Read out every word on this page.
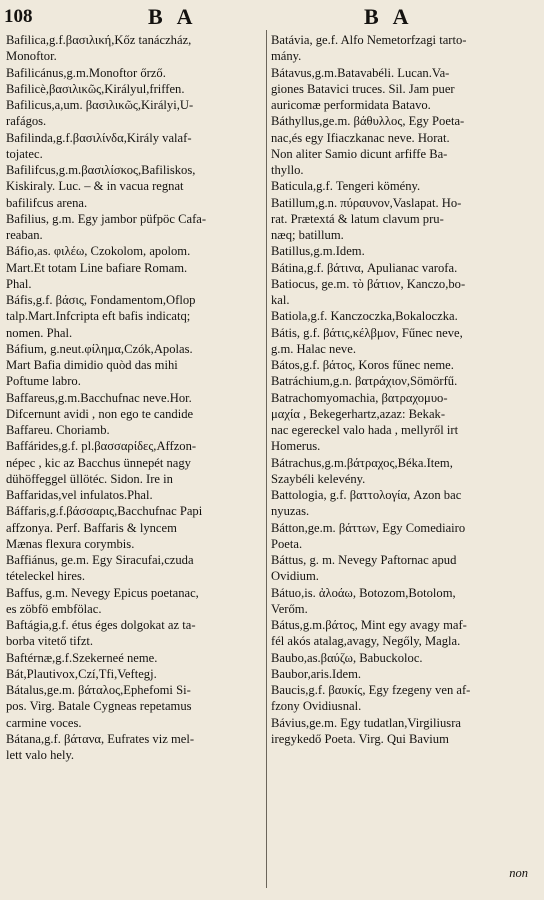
108	BA	BA
Bafilica,g.f.βασιλική,Kőz tanáczház,
Monoftor.
Bafilicánus,g.m.Monoftor őrző.
Bafilicè,βασιλικῶς,Királyul,friffen.
Bafilicus,a,um. βασιλικῶς,Királyi,U-
rafágos.
Bafilinda,g.f.βασιλίνδα,Király valaf-
tojatec.
Bafilifcus,g.m.βασιλίσκος,Bafiliskos,
Kiskiraly. Luc. – & in vacua regnat
bafilifcus arena.
Bafilius, g.m. Egy jambor püfpöc Cafa-
reaban.
Báfio,as. φιλέω, Czokolom, apolom.
Mart.Et totam Line bafiare Romam.
Phal.
Báfis,g.f. βάσις, Fondamentom,Oflop
talp.Mart.Infcripta eft bafis indicatq;
nomen. Phal.
Báfium, g.neut.φίλημα,Czók,Apolas.
Mart Bafia dimidio quòd das mihi
Poftume labro.
Baffareus,g.m.Bacchufnac neve.Hor.
Difcernunt avidi , non ego te candide
Baffareu. Choriamb.
Baffárides,g.f. pl.βασσαρίδες,Affzon-
népec , kic az Bacchus ünnepét nagy
dühöffeggel üllötéc. Sidon. Ire in
Baffaridas,vel infulatos.Phal.
Báffaris,g.f.βάσσαρις,Bacchufnac Papi
affzonya. Perf. Baffaris & lyncem
Mænas flexura corymbis.
Baffiánus, ge.m. Egy Siracufai,czuda
tételeckel hires.
Baffus, g.m. Nevegy Epicus poetanac,
es zöbfö embfölac.
Baftágia,g.f. étus éges dolgokat az ta-
borba vitető tifzt.
Baftérnæ,g.f.Szekerneé neme.
Bát,Plautivox,Czí,Tfi,Veftegj.
Bátalus,ge.m. βάταλος,Ephefomi Si-
pos. Virg. Batale Cygneas repetamus
carmine voces.
Bátana,g.f. βάτανα, Eufrates viz mel-
lett valo hely.
Batávia, ge.f. Alfo Nemetorfzagi tarto-
mány.
Bátavus,g.m.Batavabéli. Lucan.Va-
giones Batavici truces. Sil. Jam puer
auricomæ performidata Batavo.
Báthyllus,ge.m. βάθυλλος, Egy Poeta-
nac,és egy Ifiaczkanac neve. Horat.
Non aliter Samio dicunt arfiffe Ba-
thyllo.
Baticula,g.f. Tengeri kömény.
Batillum,g.n. πύραυνον,Vaslapat. Ho-
rat. Prætextá & latum clavum pru-
næq; batillum.
Batillus,g.m.Idem.
Bátina,g.f. βάτινα, Apulianac varofa.
Batiocus, ge.m. τὸ βάτιον, Kanczo,bo-
kal.
Batiola,g.f. Kanczoczka,Bokaloczka.
Bátis, g.f. βάτις,κέλβμον, Fűnec neve,
g.m. Halac neve.
Bátos,g.f. βάτος, Koros fűnec neme.
Batráchium,g.n. βατράχιον,Sömörfű.
Batrachomyomachia, βατραχομυο-
μαχία , Bekegerhartz,azaz: Bekak-
nac egereckel valo hada , mellyről irt
Homerus.
Bátrachus,g.m.βάτραχος,Béka.Item,
Szaybéli kelevény.
Battologia, g.f. βαττολογία, Azon bac
nyuzas.
Bátton,ge.m. βάττων, Egy Comediairo
Poeta.
Báttus, g. m. Nevegy Paftornac apud
Ovidium.
Bátuo,is. ἀλοάω, Botozom,Botolom,
Verőm.
Bátus,g.m.βάτος, Mint egy avagy maf-
fél akós atalag,avagy, Negőly, Magla.
Baubo,as.βαύζω, Babuckoloc.
Baubor,aris.Idem.
Baucis,g.f. βαυκίς, Egy fzegeny ven af-
fzony Ovidiusnal.
Bávius,ge.m. Egy tudatlan,Virgiliusra
iregykedő Poeta. Virg. Qui Bavium
non
